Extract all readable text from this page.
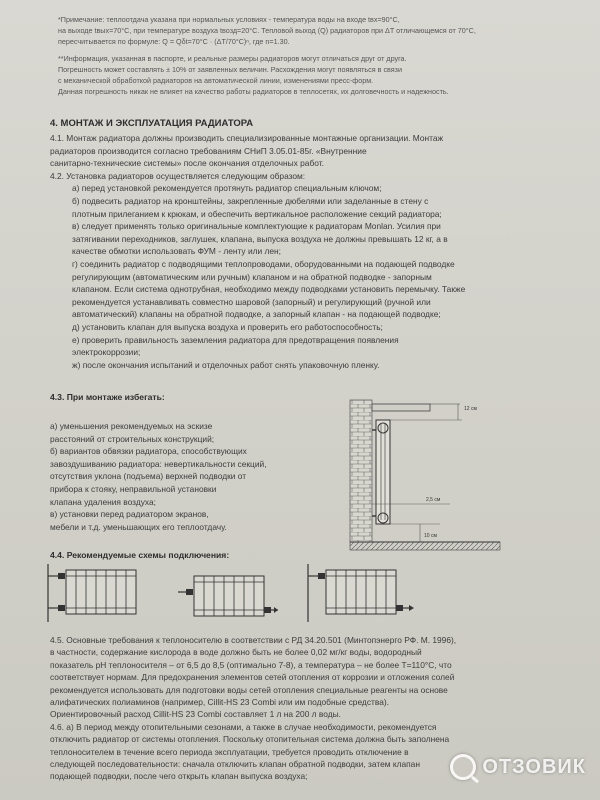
*Примечание: теплоотдача указана при нормальных условиях - температура воды на входе tвх=90°С,
на выходе tвых=70°С, при температуре воздуха tвозд=20°С. Тепловой выход (Q) радиаторов при ΔT отличающемся от 70°С,
пересчитывается по формуле: Q = Qδt=70°С · (ΔT/70°С)ⁿ, где n=1.30.

**Информация, указанная в паспорте, и реальные размеры радиаторов могут отличаться друг от друга.
Погрешность может составлять ± 10% от заявленных величин. Расхождения могут появляться в связи
с механической обработкой радиаторов на автоматической линии, изменениями пресс-форм.
Данная погрешность никак не влияет на качество работы радиаторов в теплосетях, их долговечность и надежность.

4. МОНТАЖ И ЭКСПЛУАТАЦИЯ РАДИАТОРА

4.1. Монтаж радиатора должны производить специализированные монтажные организации. Монтаж
радиаторов производится согласно требованиям СНиП 3.05.01-85г. «Внутренние
санитарно-технические системы» после окончания отделочных работ.

4.2. Установка радиаторов осуществляется следующим образом:

а) перед установкой рекомендуется протянуть радиатор специальным ключом;

б) подвесить радиатор на кронштейны, закрепленные дюбелями или заделанные в стену с
плотным прилеганием к крюкам, и обеспечить вертикальное расположение секций радиатора;

в) следует применять только оригинальные комплектующие к радиаторам Monlan. Усилия при
затягивании переходников, заглушек, клапана, выпуска воздуха не должны превышать 12 кг, а в
качестве обмотки использовать ФУМ - ленту или лен;

г) соединить радиатор с подводящими теплопроводами, оборудованными на подающей подводке
регулирующим (автоматическим или ручным) клапаном и на обратной подводке - запорным
клапаном. Если система однотрубная, необходимо между подводками установить перемычку. Также
рекомендуется устанавливать совместно шаровой (запорный) и регулирующий (ручной или
автоматический) клапаны на обратной подводке, а запорный клапан - на подающей подводке;

д) установить клапан для выпуска воздуха и проверить его работоспособность;

е) проверить правильность заземления радиатора для предотвращения появления
электрокоррозии;

ж) после окончания испытаний и отделочных работ снять упаковочную пленку.

4.3. При монтаже избегать:

а) уменьшения рекомендуемых на эскизе
расстояний от строительных конструкций;

б) вариантов обвязки радиатора, способствующих
завоздушиванию радиатора: невертикальности секций,
отсутствия уклона (подъема) верхней подводки от
прибора к стояку, неправильной установки
клапана удаления воздуха;

в) установки перед радиатором экранов,
мебели и т.д. уменьшающих его теплоотдачу.

12 см
2,5 см
10 см
4.4. Рекомендуемые схемы подключения:

4.5. Основные требования к теплоносителю в соответствии с РД 34.20.501 (Минтопэнерго РФ. М. 1996),
в частности, содержание кислорода в воде должно быть не более 0,02 мг/кг воды, водородный
показатель pH теплоносителя – от 6,5 до 8,5 (оптимально 7-8), а температура – не более T=110°С, что
соответствует нормам. Для предохранения элементов сетей отопления от коррозии и отложения солей
рекомендуется использовать для подготовки воды сетей отопления специальные реагенты на основе
алифатических полиаминов (например, Cillit-HS 23 Combi или им подобные средства).
Ориентировочный расход Cillit-HS 23 Combi составляет 1 л на 200 л воды.

4.6. а) В период между отопительными сезонами, а также в случае необходимости, рекомендуется
отключить радиатор от системы отопления. Поскольку отопительная система должна быть заполнена
теплоносителем в течение всего периода эксплуатации, требуется проводить отключение в
следующей последовательности: сначала отключить клапан обратной подводки, затем клапан
подающей подводки, после чего открыть клапан выпуска воздуха;	ОТЗОВИК
